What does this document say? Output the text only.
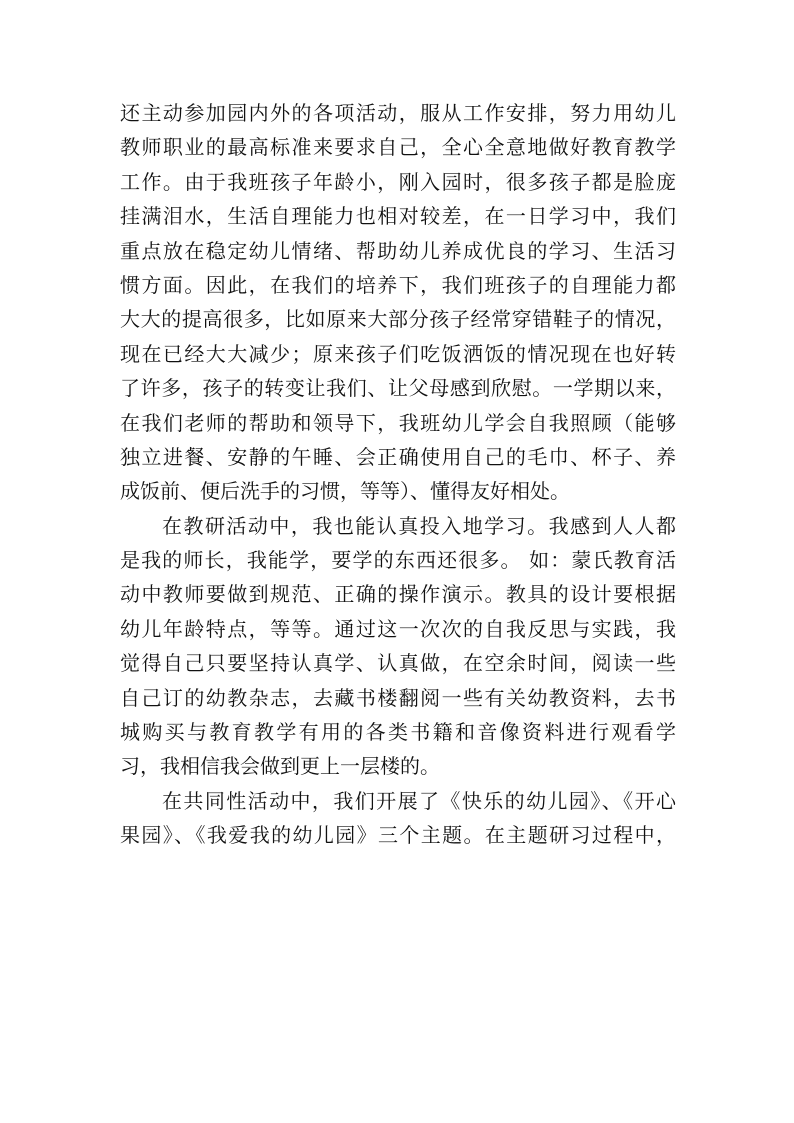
还主动参加园内外的各项活动，服从工作安排，努力用幼儿
教师职业的最高标准来要求自己，全心全意地做好教育教学
工作。由于我班孩子年龄小，刚入园时，很多孩子都是脸庞
挂满泪水，生活自理能力也相对较差，在一日学习中，我们
重点放在稳定幼儿情绪、帮助幼儿养成优良的学习、生活习
惯方面。因此，在我们的培养下，我们班孩子的自理能力都
大大的提高很多，比如原来大部分孩子经常穿错鞋子的情况，
现在已经大大减少；原来孩子们吃饭洒饭的情况现在也好转
了许多，孩子的转变让我们、让父母感到欣慰。一学期以来，
在我们老师的帮助和领导下，我班幼儿学会自我照顾（能够
独立进餐、安静的午睡、会正确使用自己的毛巾、杯子、养
成饭前、便后洗手的习惯，等等）、懂得友好相处。
在教研活动中，我也能认真投入地学习。我感到人人都
是我的师长，我能学，要学的东西还很多。 如：蒙氏教育活
动中教师要做到规范、正确的操作演示。教具的设计要根据
幼儿年龄特点，等等。通过这一次次的自我反思与实践，我
觉得自己只要坚持认真学、认真做，在空余时间，阅读一些
自己订的幼教杂志，去藏书楼翻阅一些有关幼教资料，去书
城购买与教育教学有用的各类书籍和音像资料进行观看学
习，我相信我会做到更上一层楼的。
在共同性活动中，我们开展了《快乐的幼儿园》、《开心
果园》、《我爱我的幼儿园》三个主题。在主题研习过程中，
